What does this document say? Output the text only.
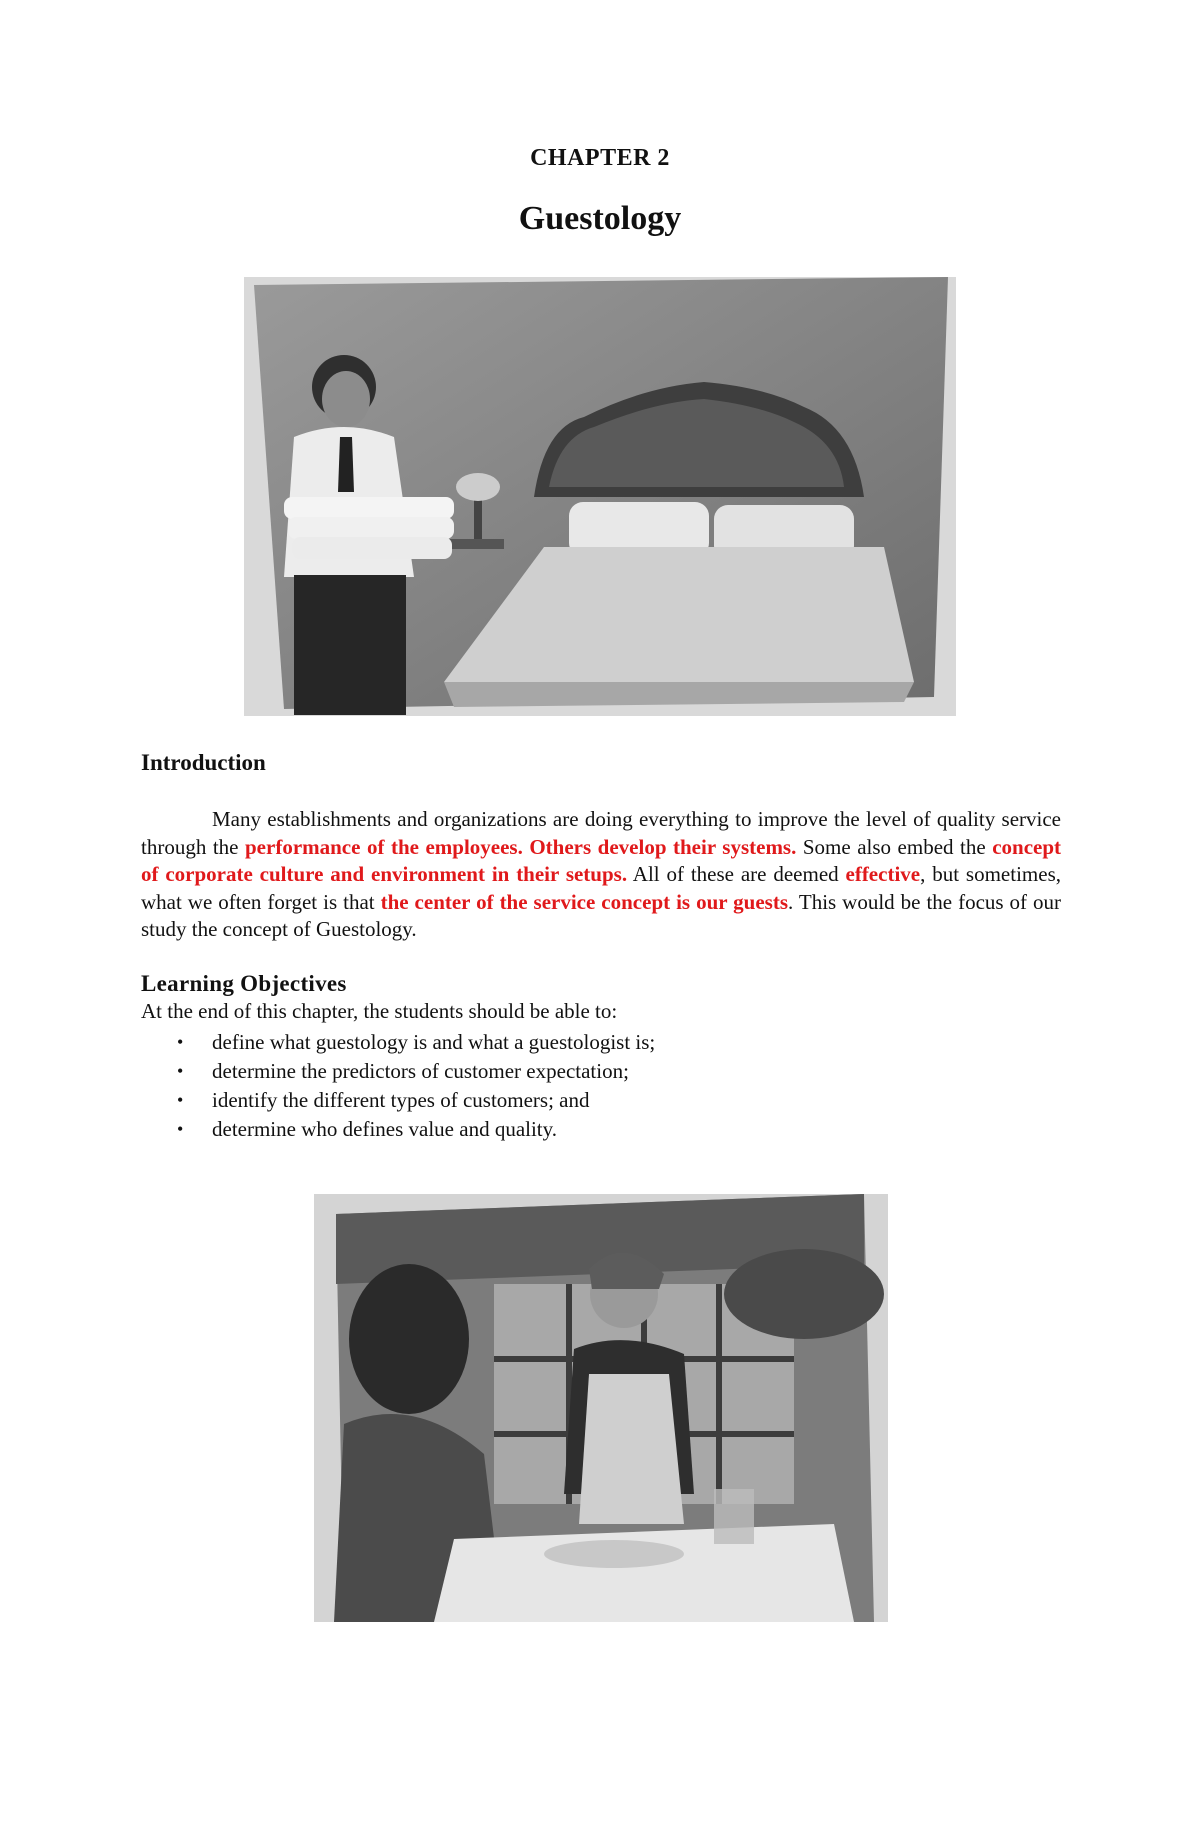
CHAPTER 2
Guestology
Introduction

Many establishments and organizations are doing everything to improve the level of quality service through the performance of the employees. Others develop their systems. Some also embed the concept of corporate culture and environment in their setups. All of these are deemed effective, but sometimes, what we often forget is that the center of the service concept is our guests. This would be the focus of our study the concept of Guestology.

Learning Objectives

At the end of this chapter, the students should be able to:

• define what guestology is and what a guestologist is;
• determine the predictors of customer expectation;
• identify the different types of customers; and
• determine who defines value and quality.
